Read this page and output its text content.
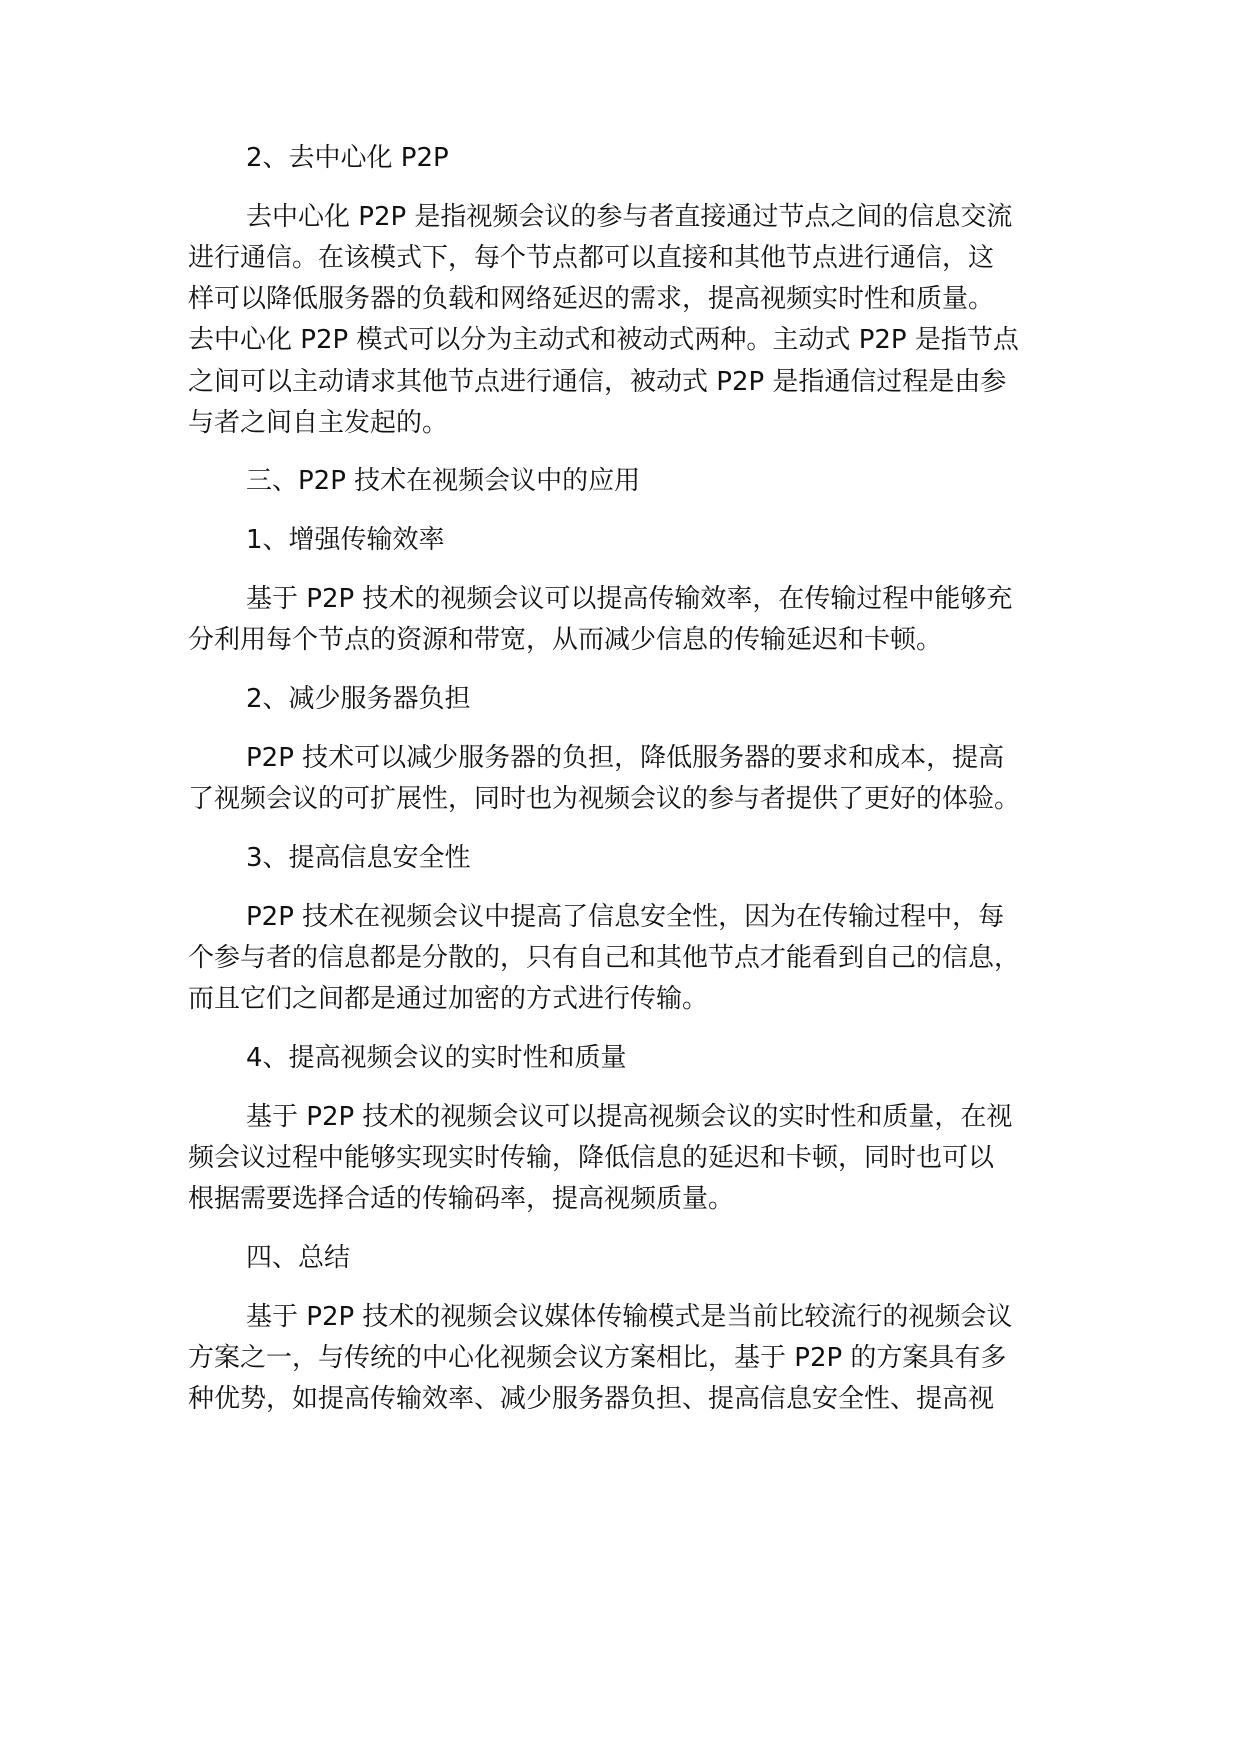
2、去中心化 P2P

去中心化 P2P 是指视频会议的参与者直接通过节点之间的信息交流

进行通信。在该模式下，每个节点都可以直接和其他节点进行通信，这

样可以降低服务器的负载和网络延迟的需求，提高视频实时性和质量。

去中心化 P2P 模式可以分为主动式和被动式两种。主动式 P2P 是指节点

之间可以主动请求其他节点进行通信，被动式 P2P 是指通信过程是由参

与者之间自主发起的。

三、P2P 技术在视频会议中的应用

1、增强传输效率

基于 P2P 技术的视频会议可以提高传输效率，在传输过程中能够充

分利用每个节点的资源和带宽，从而减少信息的传输延迟和卡顿。

2、减少服务器负担

P2P 技术可以减少服务器的负担，降低服务器的要求和成本，提高

了视频会议的可扩展性，同时也为视频会议的参与者提供了更好的体验。

3、提高信息安全性

P2P 技术在视频会议中提高了信息安全性，因为在传输过程中，每

个参与者的信息都是分散的，只有自己和其他节点才能看到自己的信息，

而且它们之间都是通过加密的方式进行传输。

4、提高视频会议的实时性和质量

基于 P2P 技术的视频会议可以提高视频会议的实时性和质量，在视

频会议过程中能够实现实时传输，降低信息的延迟和卡顿，同时也可以

根据需要选择合适的传输码率，提高视频质量。

四、总结

基于 P2P 技术的视频会议媒体传输模式是当前比较流行的视频会议

方案之一，与传统的中心化视频会议方案相比，基于 P2P 的方案具有多

种优势，如提高传输效率、减少服务器负担、提高信息安全性、提高视
